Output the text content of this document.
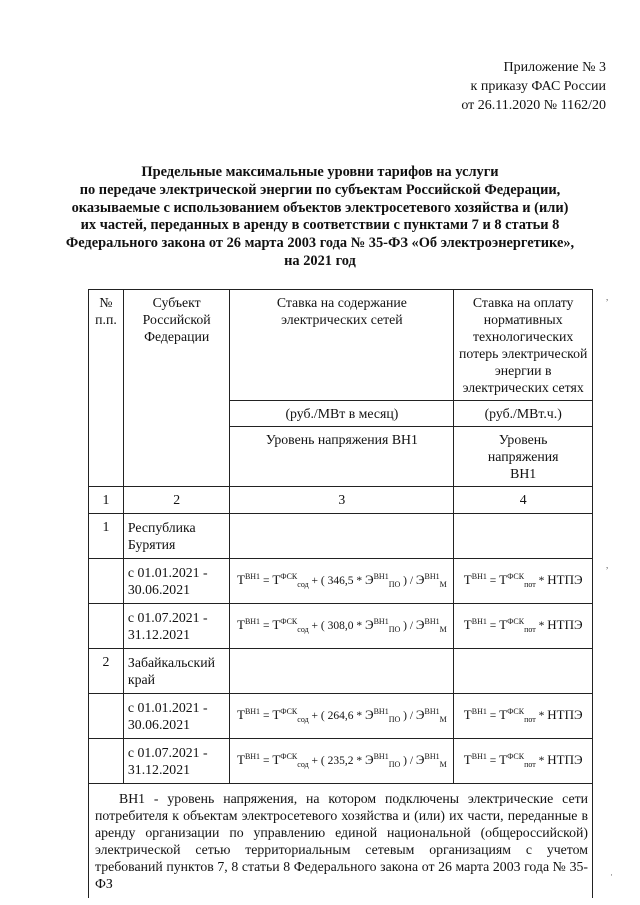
Приложение № 3
к приказу ФАС России
от 26.11.2020 № 1162/20
Предельные максимальные уровни тарифов на услуги
по передаче электрической энергии по субъектам Российской Федерации,
оказываемые с использованием объектов электросетевого хозяйства и (или)
их частей, переданных в аренду в соответствии с пунктами 7 и 8 статьи 8
Федерального закона от 26 марта 2003 года № 35-ФЗ «Об электроэнергетике»,
на 2021 год
№ п.п.	Субъект Российской Федерации	Ставка на содержание электрических сетей	Ставка на оплату нормативных технологических потерь электрической энергии в электрических сетях
		(руб./МВт в месяц)	(руб./МВт.ч.)
		Уровень напряжения ВН1	Уровень напряжения ВН1
1	2	3	4
1	Республика Бурятия		
	с 01.01.2021 - 30.06.2021	$Т^{ВН1} = Т^{ФСК}_{сод}$ + ( $346,5 * Э^{ВН1}_{ПО}$ ) / $Э^{ВН1}_М$	$Т^{ВН1} = Т^{ФСК}_{пот}$ * НТПЭ
	с 01.07.2021 - 31.12.2021	$Т^{ВН1} = Т^{ФСК}_{сод}$ + ( $308,0 * Э^{ВН1}_{ПО}$ ) / $Э^{ВН1}_М$	$Т^{ВН1} = Т^{ФСК}_{пот}$ * НТПЭ
2	Забайкальский край		
	с 01.01.2021 - 30.06.2021	$Т^{ВН1} = Т^{ФСК}_{сод}$ + ( $264,6 * Э^{ВН1}_{ПО}$ ) / $Э^{ВН1}_М$	$Т^{ВН1} = Т^{ФСК}_{пот}$ * НТПЭ
	с 01.07.2021 - 31.12.2021	$Т^{ВН1} = Т^{ФСК}_{сод}$ + ( $235,2 * Э^{ВН1}_{ПО}$ ) / $Э^{ВН1}_М$	$Т^{ВН1} = Т^{ФСК}_{пот}$ * НТПЭ
ВН1 - уровень напряжения, на котором подключены электрические сети потребителя к объектам электросетевого хозяйства и (или) их части, переданные в аренду организации по управлению единой национальной (общероссийской) электрической сетью территориальным сетевым организациям с учетом требований пунктов 7, 8 статьи 8 Федерального закона от 26 марта 2003 года № 35-ФЗ			
,
,
·
